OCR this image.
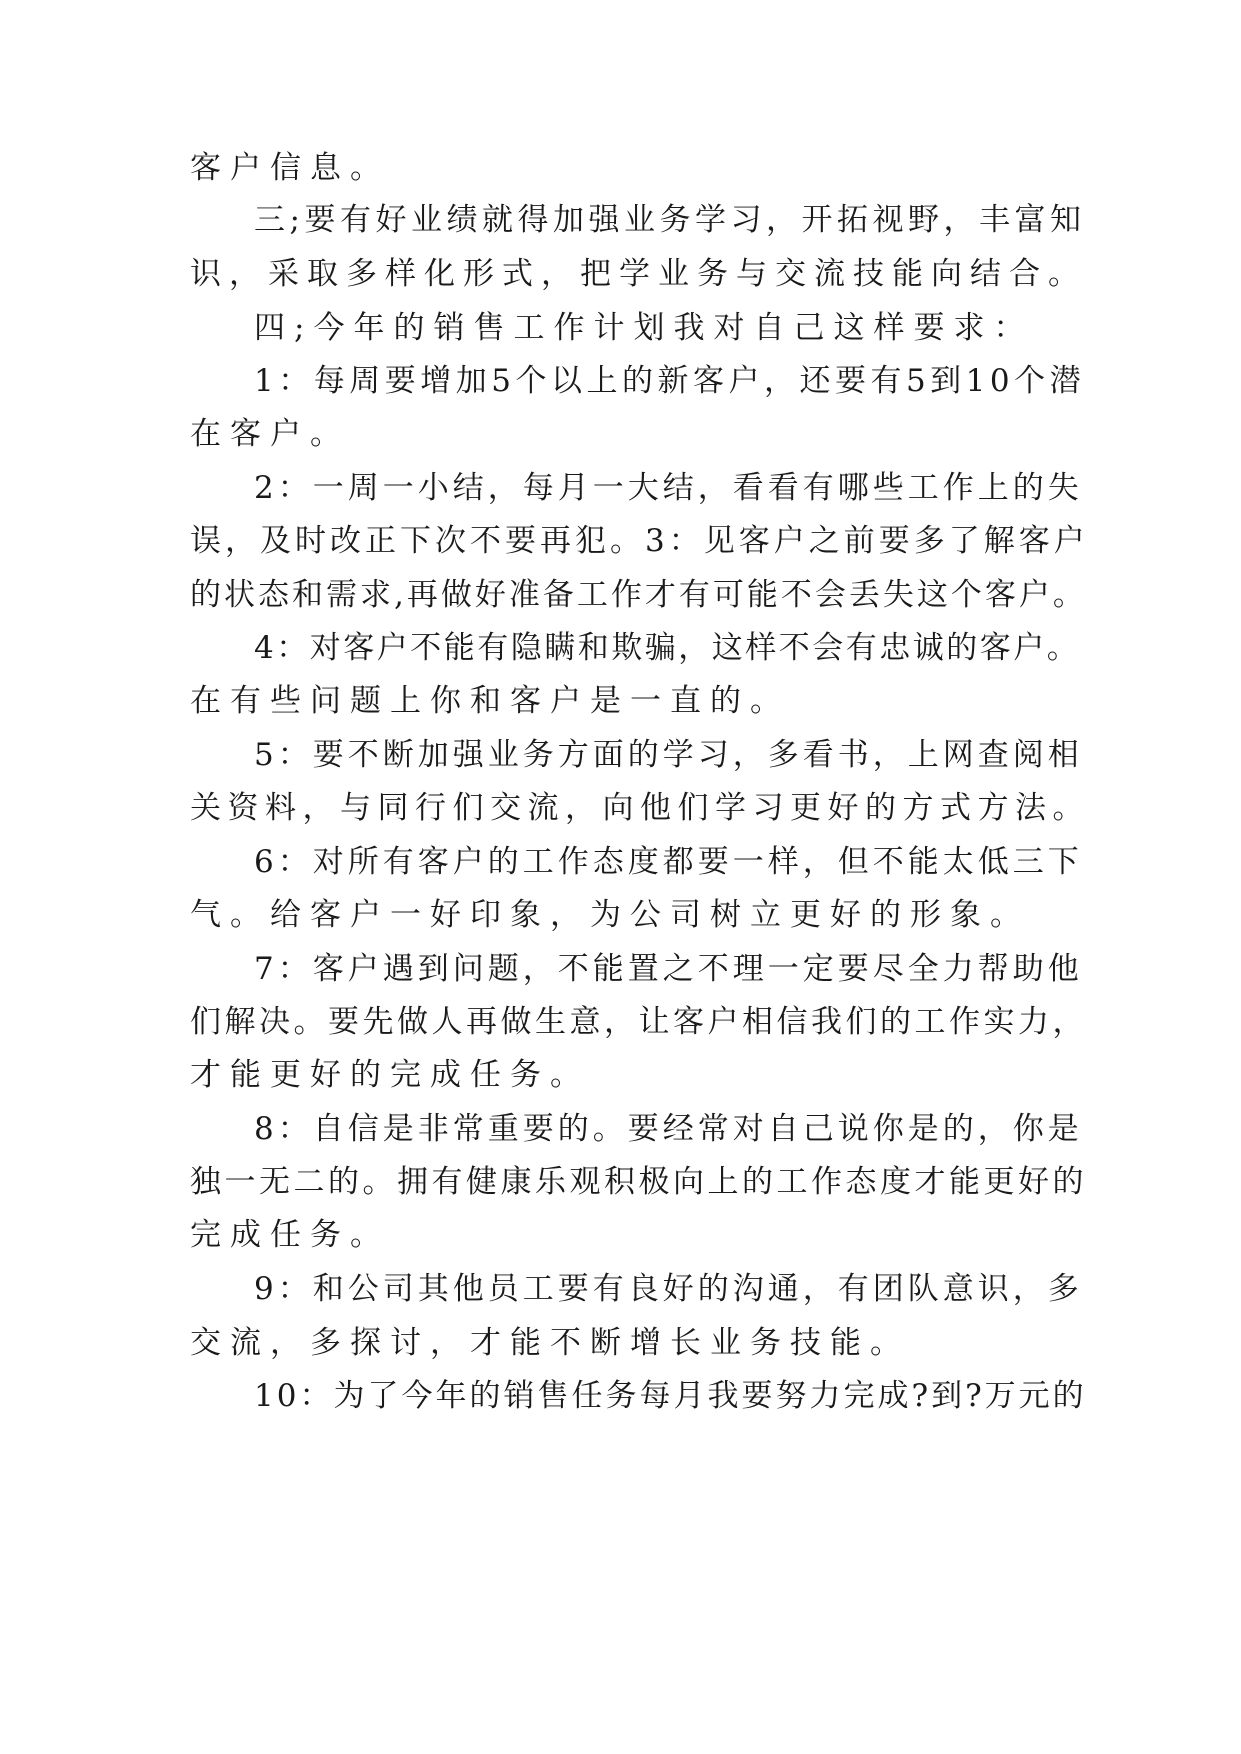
客户信息。
三;要有好业绩就得加强业务学习，开拓视野，丰富知
识，采取多样化形式，把学业务与交流技能向结合。
四;今年的销售工作计划我对自己这样要求：
1：每周要增加5个以上的新客户，还要有5到10个潜
在客户。
2：一周一小结，每月一大结，看看有哪些工作上的失
误，及时改正下次不要再犯。3：见客户之前要多了解客户
的状态和需求,再做好准备工作才有可能不会丢失这个客户。
4：对客户不能有隐瞒和欺骗，这样不会有忠诚的客户。
在有些问题上你和客户是一直的。
5：要不断加强业务方面的学习，多看书，上网查阅相
关资料，与同行们交流，向他们学习更好的方式方法。
6：对所有客户的工作态度都要一样，但不能太低三下
气。给客户一好印象，为公司树立更好的形象。
7：客户遇到问题，不能置之不理一定要尽全力帮助他
们解决。要先做人再做生意，让客户相信我们的工作实力，
才能更好的完成任务。
8：自信是非常重要的。要经常对自己说你是的，你是
独一无二的。拥有健康乐观积极向上的工作态度才能更好的
完成任务。
9：和公司其他员工要有良好的沟通，有团队意识，多
交流，多探讨，才能不断增长业务技能。
10：为了今年的销售任务每月我要努力完成?到?万元的
